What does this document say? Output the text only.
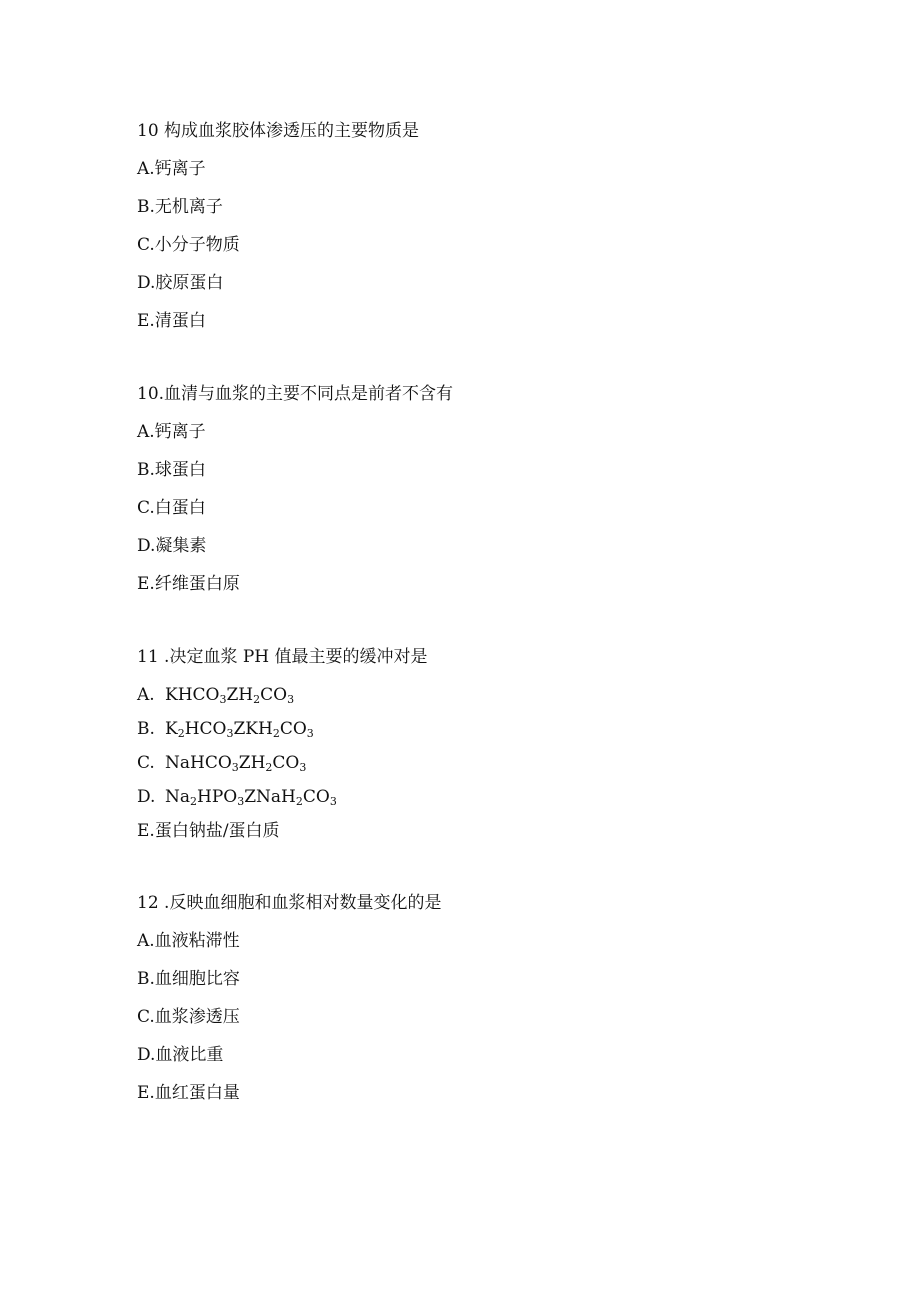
10 构成血浆胶体渗透压的主要物质是
A.钙离子
B.无机离子
C.小分子物质
D.胶原蛋白
E.清蛋白
10.血清与血浆的主要不同点是前者不含有
A.钙离子
B.球蛋白
C.白蛋白
D.凝集素
E.纤维蛋白原
11 .决定血浆 PH 值最主要的缓冲对是
A. $KHCO_3ZH_2CO_3$
B. $K_2HCO_3ZKH_2CO_3$
C. $NaHCO_3ZH_2CO_3$
D. $Na_2HPO_3ZNaH_2CO_3$
E.蛋白钠盐/蛋白质
12 .反映血细胞和血浆相对数量变化的是
A.血液粘滞性
B.血细胞比容
C.血浆渗透压
D.血液比重
E.血红蛋白量
